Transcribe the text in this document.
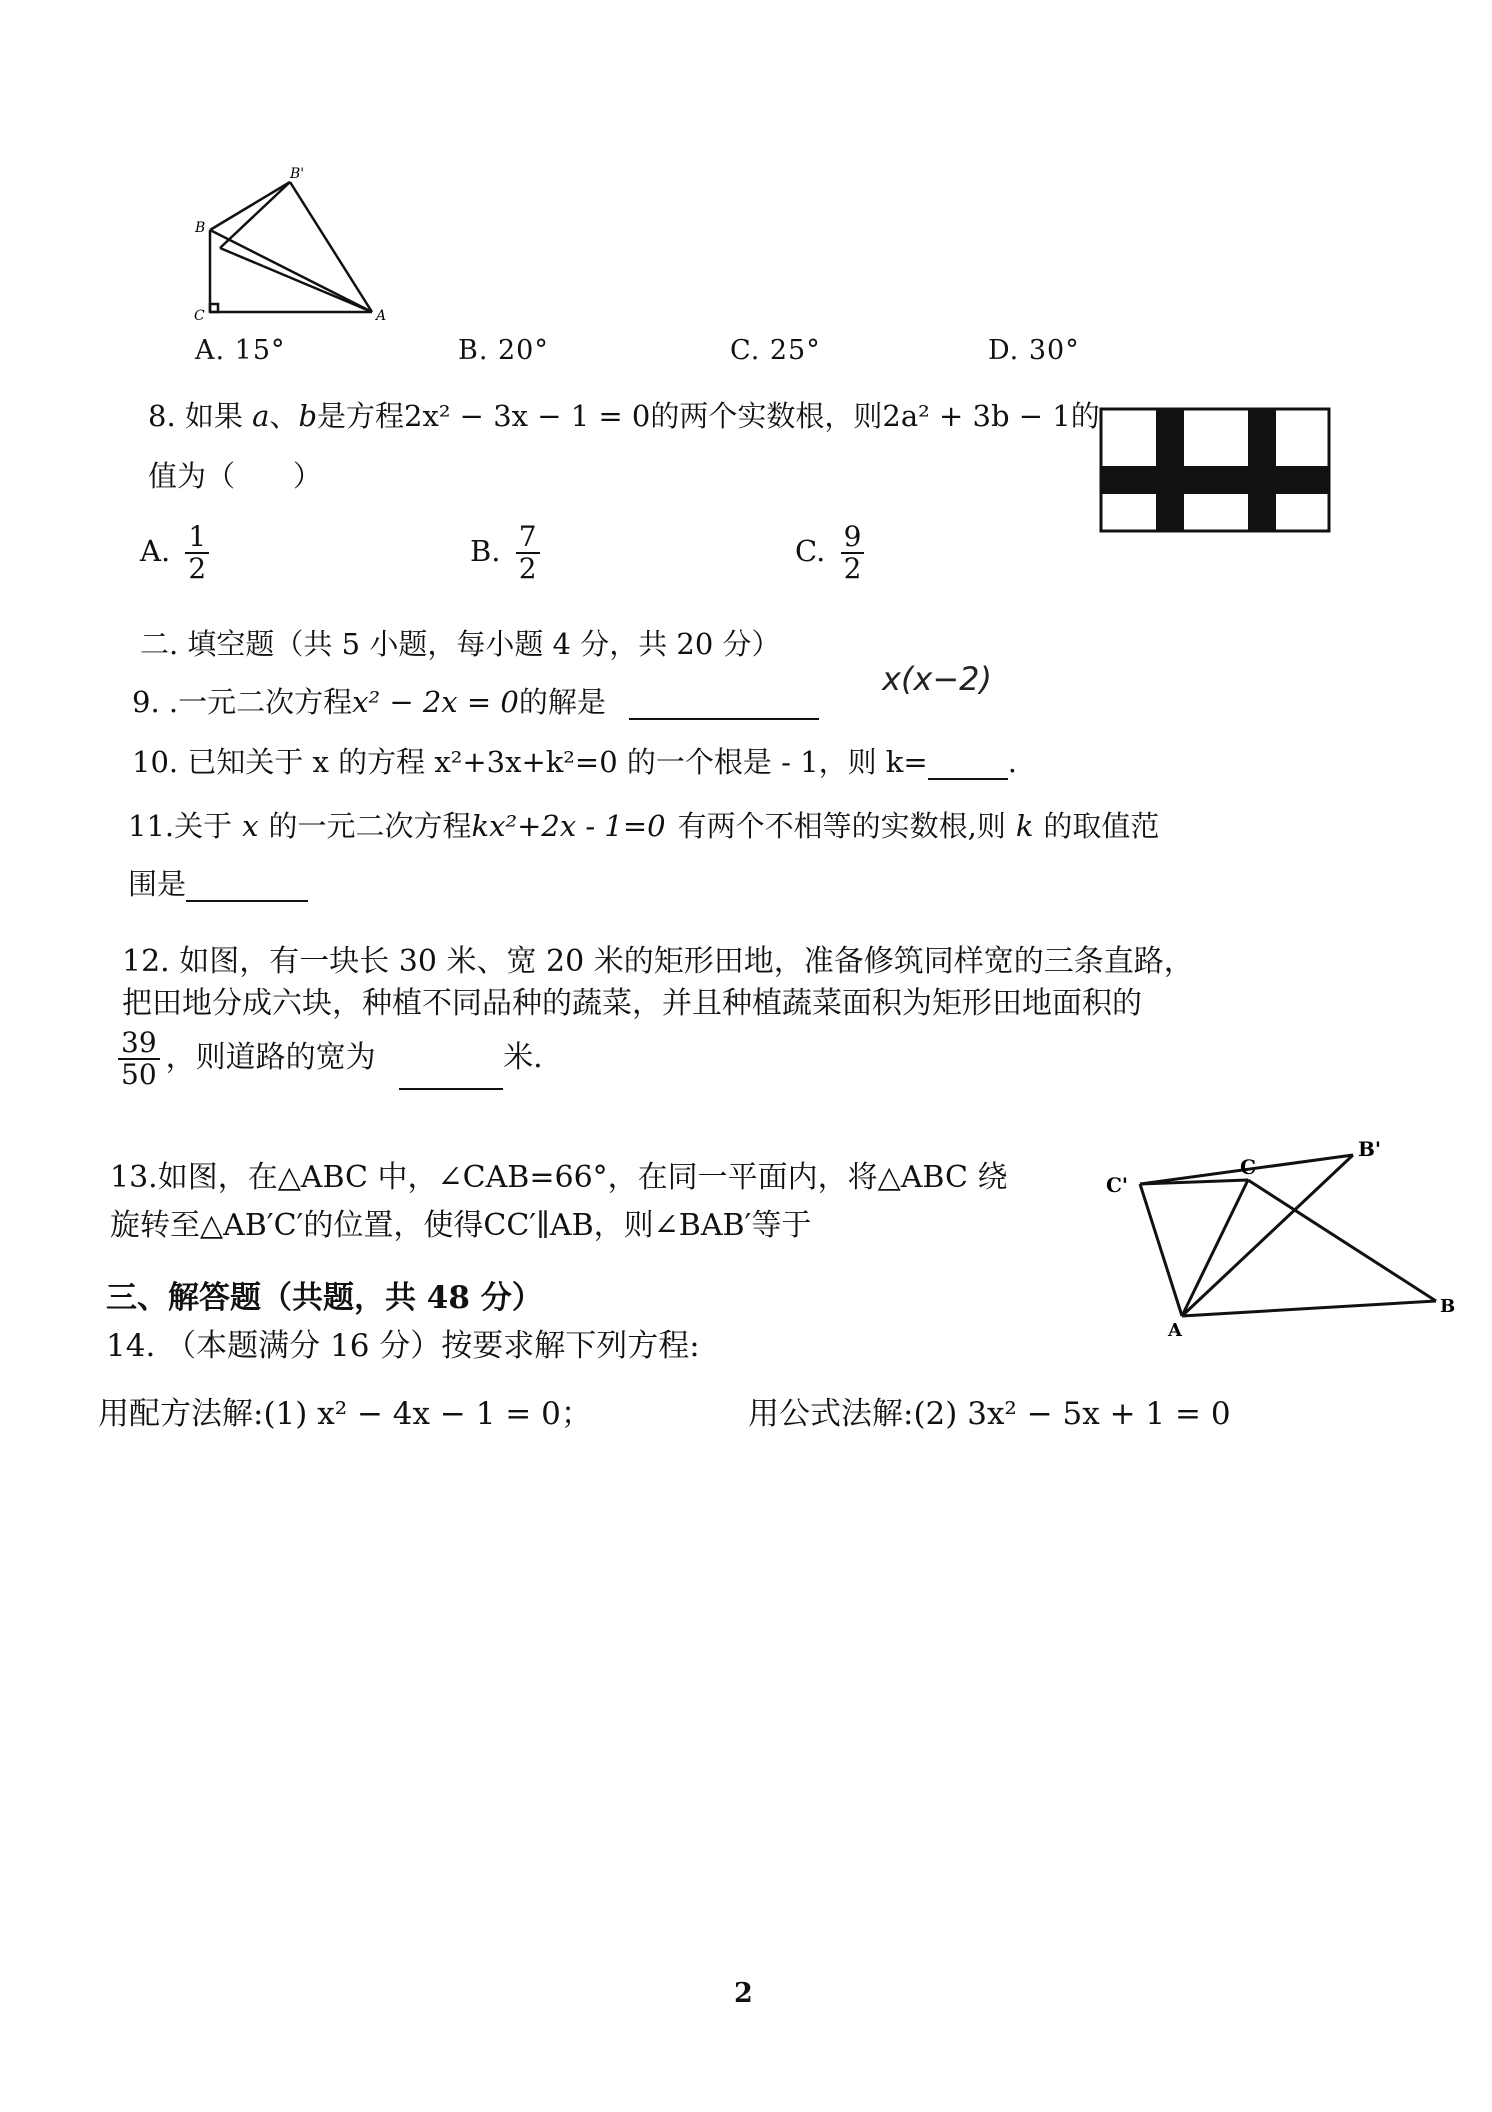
B'
B
C	A
A. 15°	B. 20°	C. 25°	D. 30°
8. 如果 a、b是方程2x² − 3x − 1 = 0的两个实数根，则2a² + 3b − 1的
值为（　　）
A. $\frac{1}{2}$	B. $\frac{7}{2}$	C. $\frac{9}{2}$
二. 填空题（共 5 小题，每小题 4 分，共 20 分）
9. .一元二次方程x² − 2x = 0的解是
x(x−2)
10. 已知关于 x 的方程 x²+3x+k²=0 的一个根是 - 1，则 k=	.
11.关于 x 的一元二次方程kx²+2x - 1=0 有两个不相等的实数根,则 k 的取值范
围是
12. 如图，有一块长 30 米、宽 20 米的矩形田地，准备修筑同样宽的三条直路，
把田地分成六块，种植不同品种的蔬菜，并且种植蔬菜面积为矩形田地面积的
$\frac{39}{50}$ ，则道路的宽为	米.
13.如图，在△ABC 中，∠CAB=66°，在同一平面内，将△ABC 绕
旋转至△AB′C′的位置，使得CC′∥AB，则∠BAB′等于
B'
C'
C
A
B
三、解答题（共题，共 48 分）
14. （本题满分 16 分）按要求解下列方程:
用配方法解:(1) x² − 4x − 1 = 0；	用公式法解:(2) 3x² − 5x + 1 = 0
2
